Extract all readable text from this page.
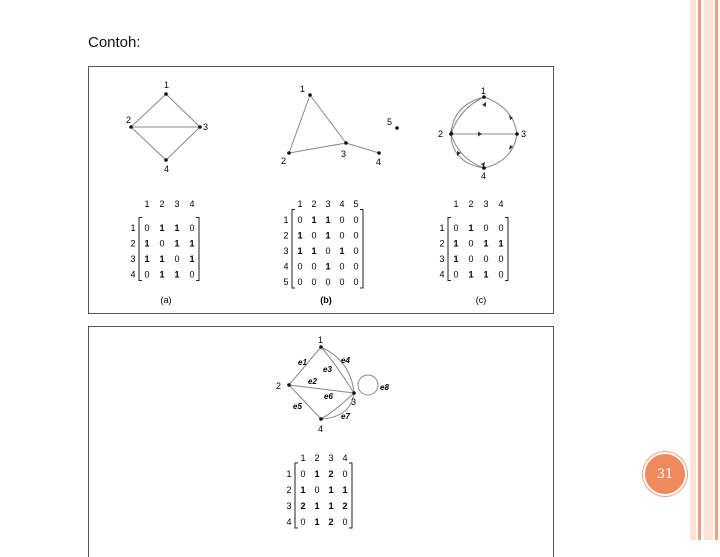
Contoh:
1
2
3
4
1
2
3
4
5
1
2	3
4
1 2 3 4
1 0 1 1 0
2 1 0 1 1
3 1 1 0 1
4 0 1 1 0
1 2 3 4 5
1 0 1 1 0 0
2 1 0 1 0 0
3 1 1 0 1 0
4 0 0 1 0 0
5 0 0 0 0 0
1 2 3 4
1 0 1 0 0
2 1 0 1 1
3 1 0 0 0
4 0 1 1 0
(a)	(b)	(c)
1
2
3
4
e1
e2
e3
e4
e5
e6
e7
e8
1 2 3 4
1 0 1 2 0
2 1 0 1 1
3 2 1 1 2
4 0 1 2 0
31
